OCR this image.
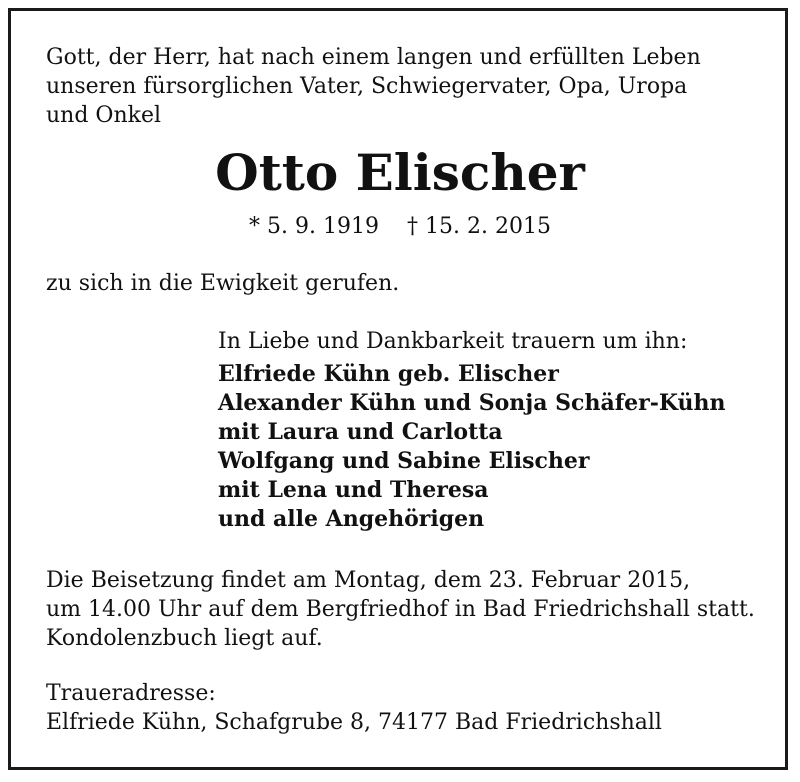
Gott, der Herr, hat nach einem langen und erfüllten Leben
unseren fürsorglichen Vater, Schwiegervater, Opa, Uropa
und Onkel
Otto Elischer
* 5. 9. 1919 † 15. 2. 2015
zu sich in die Ewigkeit gerufen.
In Liebe und Dankbarkeit trauern um ihn:
Elfriede Kühn geb. Elischer
Alexander Kühn und Sonja Schäfer-Kühn
mit Laura und Carlotta
Wolfgang und Sabine Elischer
mit Lena und Theresa
und alle Angehörigen
Die Beisetzung findet am Montag, dem 23. Februar 2015,
um 14.00 Uhr auf dem Bergfriedhof in Bad Friedrichshall statt.
Kondolenzbuch liegt auf.
Traueradresse:
Elfriede Kühn, Schafgrube 8, 74177 Bad Friedrichshall
